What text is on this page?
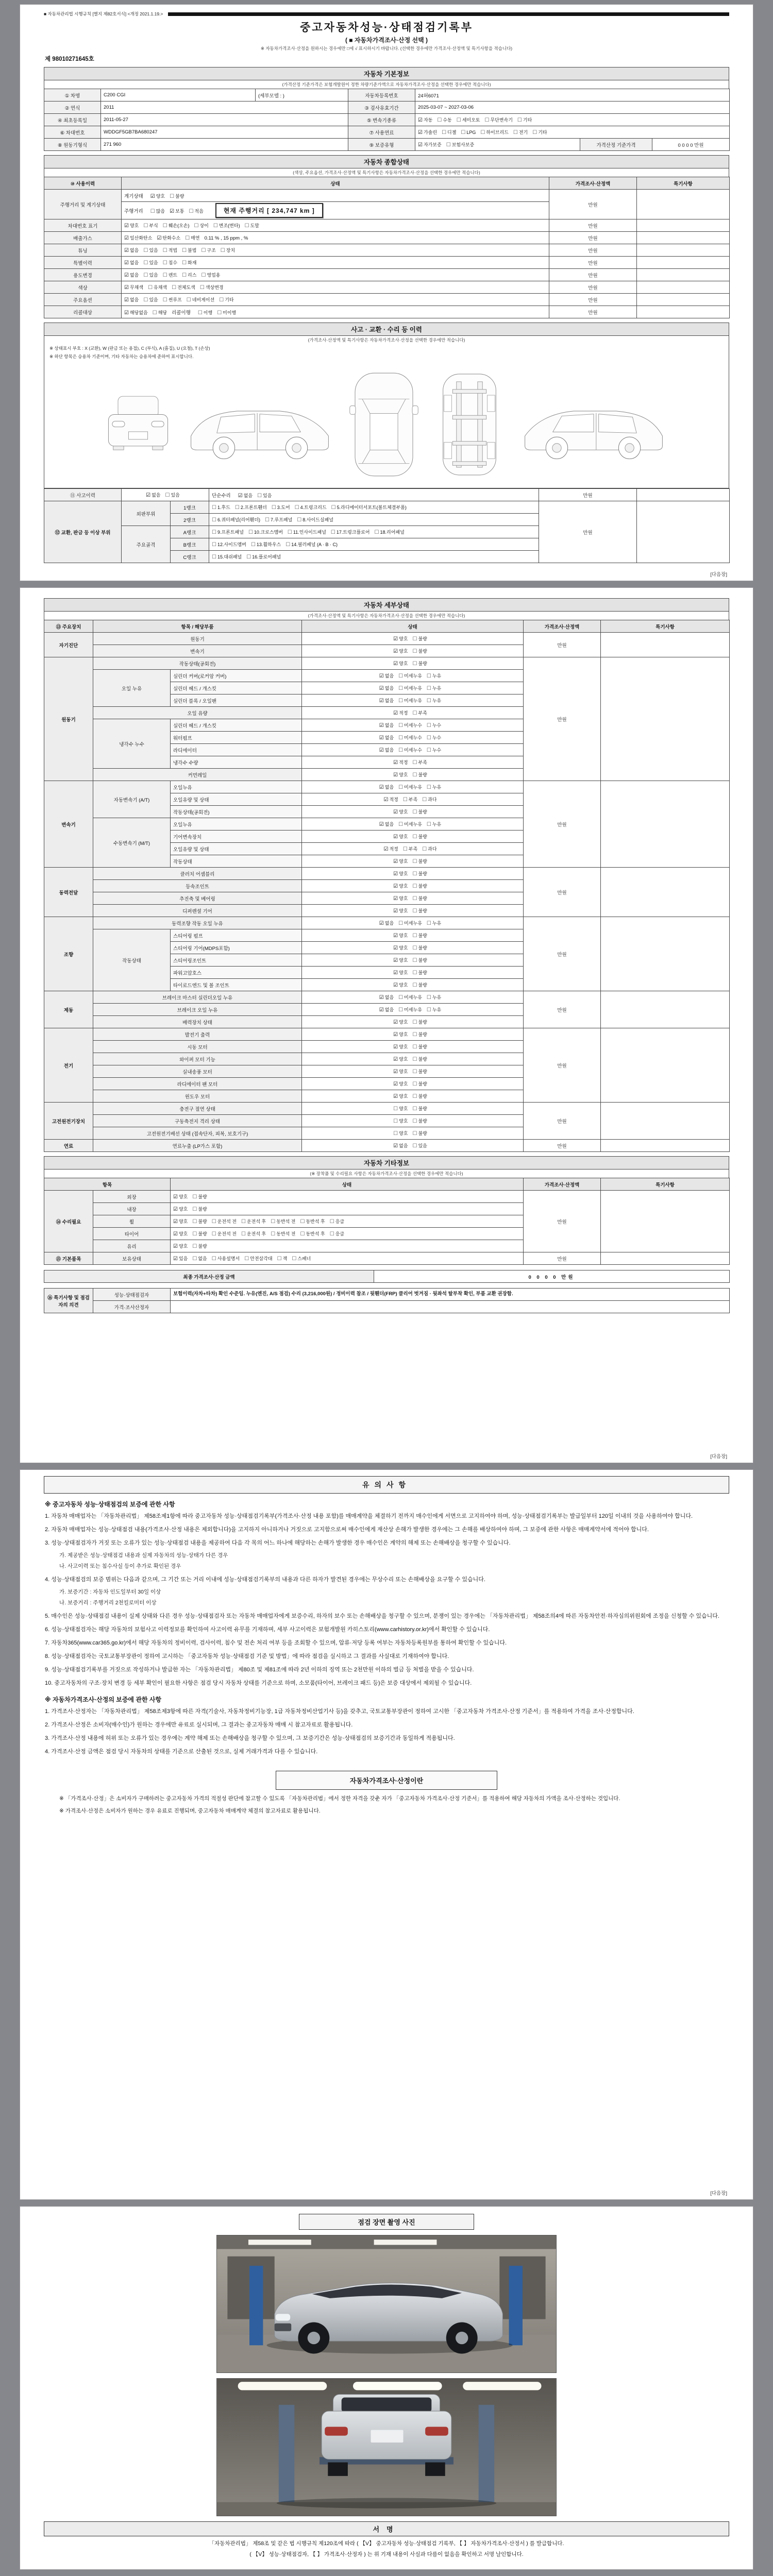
■ 자동차관리법 시행규칙 [별지 제82호서식] <개정 2021.1.19.>
중고자동차성능·상태점검기록부
( ■ 자동차가격조사·산정 선택 )
※ 자동차가격조사·산정을 원하시는 경우에만 □에 √ 표시하시기 바랍니다. (선택한 경우에만 가격조사·산정액 및 특기사항을 적습니다)
제 98010271645호
자동차 기본정보
(가격산정 기준가격은 보험개발원이 정한 차량기준가액으로 자동차가격조사·산정을 선택한 경우에만 적습니다)
① 차명	C200 CGI	(세부모델 : )	자동차등록번호	24허6071		
② 연식	2011		③ 검사유효기간	2025-03-07 ~ 2027-03-06		
④ 최초등록일	2011-05-27		⑤ 변속기종류	☑ 자동 ☐ 수동 ☐ 세미오토 ☐ 무단변속기 ☐ 기타		
⑥ 차대번호	WDDGF5GB7BA680247		⑦ 사용연료	☑ 가솔린 ☐ 디젤 ☐ LPG ☐ 하이브리드 ☐ 전기 ☐ 기타		
⑧ 원동기형식	271 960		⑨ 보증유형	☑ 자가보증 ☐ 보험사보증	가격산정 기준가격	0 0 0 0 만원
자동차 종합상태
(색상, 주요옵션, 가격조사·산정액 및 특기사항은 자동차가격조사·산정을 선택한 경우에만 적습니다)
⑩ 사용이력	상태	가격조사·산정액	특기사항
주행거리 및 계기상태	계기상태 ☑ 양호 ☐ 불량	만원	
	주행거리 ☐ 많음 ☑ 보통 ☐ 적음 현재 주행거리 [ 234,747 km ]		
차대번호 표기	☑ 양호 ☐ 부식 ☐ 훼손(오손) ☐ 상이 ☐ 변조(변타) ☐ 도말	만원	
배출가스	☑ 일산화탄소 ☑ 탄화수소 ☐ 매연 0.11 % , 15 ppm , %	만원	
튜닝	☑ 없음 ☐ 있음 ☐ 적법 ☐ 불법 ☐ 구조 ☐ 장치	만원	
특별이력	☑ 없음 ☐ 있음 ☐ 침수 ☐ 화재	만원	
용도변경	☑ 없음 ☐ 있음 ☐ 렌트 ☐ 리스 ☐ 영업용	만원	
색상	☑ 무채색 ☐ 유채색 ☐ 전체도색 ☐ 색상변경	만원	
주요옵션	☑ 없음 ☐ 있음 ☐ 썬루프 ☐ 네비게이션 ☐ 기타	만원	
리콜대상	☑ 해당없음 ☐ 해당 리콜이행 ☐ 이행 ☐ 미이행	만원	
사고 · 교환 · 수리 등 이력
(가격조사·산정액 및 특기사항은 자동차가격조사·산정을 선택한 경우에만 적습니다)
※ 상태표시 부호 : X (교환), W (판금 또는 용접), C (부식), A (흠집), U (요철), T (손상)
※ 하단 항목은 승용차 기준이며, 기타 자동차는 승용차에 준하여 표시합니다.
⑪ 사고이력	☑ 없음 ☐ 있음		단순수리 ☑ 없음 ☐ 있음	만원	
⑫ 교환, 판금 등 이상 부위	외판부위	1랭크	☐ 1.후드 ☐ 2.프론트휀더 ☐ 3.도어 ☐ 4.트렁크리드 ☐ 5.라디에이터서포트(볼트체결부품)	만원	
		2랭크	☐ 6.쿼터패널(리어휀더) ☐ 7.루프패널 ☐ 8.사이드실패널		
	주요골격	A랭크	☐ 9.프론트패널 ☐ 10.크로스멤버 ☐ 11.인사이드패널 ☐ 17.트렁크플로어 ☐ 18.리어패널		
		B랭크	☐ 12.사이드멤버 ☐ 13.휠하우스 ☐ 14.필러패널 (A · B · C)		
		C랭크	☐ 15.대쉬패널 ☐ 16.플로어패널		
[다음장]
자동차 세부상태
(가격조사·산정액 및 특기사항은 자동차가격조사·산정을 선택한 경우에만 적습니다)
⑬ 주요장치	항목 / 해당부품		상태	가격조사·산정액	특기사항
자기진단	원동기		☑ 양호 ☐ 불량	만원	
	변속기		☑ 양호 ☐ 불량		
원동기	작동상태(공회전)		☑ 양호 ☐ 불량	만원	
	오일 누유	실린더 커버(로커암 커버)	☑ 없음 ☐ 미세누유 ☐ 누유		
		실린더 헤드 / 개스킷	☑ 없음 ☐ 미세누유 ☐ 누유		
		실린더 블록 / 오일팬	☑ 없음 ☐ 미세누유 ☐ 누유		
	오일 유량		☑ 적정 ☐ 부족		
	냉각수 누수	실린더 헤드 / 개스킷	☑ 없음 ☐ 미세누수 ☐ 누수		
		워터펌프	☑ 없음 ☐ 미세누수 ☐ 누수		
		라디에이터	☑ 없음 ☐ 미세누수 ☐ 누수		
		냉각수 수량	☑ 적정 ☐ 부족		
	커먼레일		☑ 양호 ☐ 불량		
변속기	자동변속기 (A/T)	오일누유	☑ 없음 ☐ 미세누유 ☐ 누유	만원	
		오일유량 및 상태	☑ 적정 ☐ 부족 ☐ 과다		
		작동상태(공회전)	☑ 양호 ☐ 불량		
	수동변속기 (M/T)	오일누유	☑ 없음 ☐ 미세누유 ☐ 누유		
		기어변속장치	☑ 양호 ☐ 불량		
		오일유량 및 상태	☑ 적정 ☐ 부족 ☐ 과다		
		작동상태	☑ 양호 ☐ 불량		
동력전달	클러치 어셈블리		☑ 양호 ☐ 불량	만원	
	등속조인트		☑ 양호 ☐ 불량		
	추진축 및 베어링		☑ 양호 ☐ 불량		
	디퍼렌셜 기어		☑ 양호 ☐ 불량		
조향	동력조향 작동 오일 누유		☑ 없음 ☐ 미세누유 ☐ 누유	만원	
	작동상태	스티어링 펌프	☑ 양호 ☐ 불량		
		스티어링 기어(MDPS포함)	☑ 양호 ☐ 불량		
		스티어링조인트	☑ 양호 ☐ 불량		
		파워고압호스	☑ 양호 ☐ 불량		
		타이로드엔드 및 볼 조인트	☑ 양호 ☐ 불량		
제동	브레이크 마스터 실린더오일 누유		☑ 없음 ☐ 미세누유 ☐ 누유	만원	
	브레이크 오일 누유		☑ 없음 ☐ 미세누유 ☐ 누유		
	배력장치 상태		☑ 양호 ☐ 불량		
전기	발전기 출력		☑ 양호 ☐ 불량	만원	
	시동 모터		☑ 양호 ☐ 불량		
	와이퍼 모터 기능		☑ 양호 ☐ 불량		
	실내송풍 모터		☑ 양호 ☐ 불량		
	라디에이터 팬 모터		☑ 양호 ☐ 불량		
	윈도우 모터		☑ 양호 ☐ 불량		
고전원전기장치	충전구 절연 상태		☐ 양호 ☐ 불량	만원	
	구동축전지 격리 상태		☐ 양호 ☐ 불량		
	고전원전기배선 상태 (접속단자, 피복, 보호기구)		☐ 양호 ☐ 불량		
연료	연료누출 (LP가스 포함)		☑ 없음 ☐ 있음	만원	
자동차 기타정보
(※ 장착품 및 수리필요 사항은 자동차가격조사·산정을 선택한 경우에만 적습니다)
항목		상태	가격조사·산정액	특기사항
⑭ 수리필요	외장	☑ 양호 ☐ 불량	만원	
	내장	☑ 양호 ☐ 불량		
	휠	☑ 양호 ☐ 불량 ☐ 운전석 전 ☐ 운전석 후 ☐ 동반석 전 ☐ 동반석 후 ☐ 응급		
	타이어	☑ 양호 ☐ 불량 ☐ 운전석 전 ☐ 운전석 후 ☐ 동반석 전 ☐ 동반석 후 ☐ 응급		
	유리	☑ 양호 ☐ 불량		
⑮ 기본품목	보유상태	☑ 있음 ☐ 없음 ☐ 사용설명서 ☐ 안전삼각대 ☐ 잭 ☐ 스패너	만원	
최종 가격조사·산정 금액	0 0 0 0 만원
⑯ 특기사항 및 점검자의 의견	성능·상태점검자	보험이력(자차+타차) 확인 수준임. 누유(엔진, A/S 점검) 수리 (3,216,000원) / 정비이력 참조 / 뒷휀더(FRP) 클리어 벗겨짐 · 뒷좌석 탈부착 확인, 부품 교환 권장함.
	가격·조사산정자	
[다음장]
유의사항
※ 중고자동차 성능·상태점검의 보증에 관한 사항
1. 자동차 매매업자는 「자동차관리법」 제58조제1항에 따라 중고자동차 성능·상태점검기록부(가격조사·산정 내용 포함)를 매매계약을 체결하기 전까지 매수인에게 서면으로 고지하여야 하며, 성능·상태점검기록부는 발급일부터 120일 이내의 것을 사용하여야 합니다.
2. 자동차 매매업자는 성능·상태점검 내용(가격조사·산정 내용은 제외합니다)을 고지하지 아니하거나 거짓으로 고지함으로써 매수인에게 재산상 손해가 발생한 경우에는 그 손해를 배상하여야 하며, 그 보증에 관한 사항은 매매계약서에 적어야 합니다.
3. 성능·상태점검자가 거짓 또는 오류가 있는 성능·상태점검 내용을 제공하여 다음 각 목의 어느 하나에 해당하는 손해가 발생한 경우 매수인은 계약의 해제 또는 손해배상을 청구할 수 있습니다.
가. 제공받은 성능·상태점검 내용과 실제 자동차의 성능·상태가 다른 경우
나. 사고이력 또는 침수사실 등이 추가로 확인된 경우
4. 성능·상태점검의 보증 범위는 다음과 같으며, 그 기간 또는 거리 이내에 성능·상태점검기록부의 내용과 다른 하자가 발견된 경우에는 무상수리 또는 손해배상을 요구할 수 있습니다.
가. 보증기간 : 자동차 인도일부터 30일 이상
나. 보증거리 : 주행거리 2천킬로미터 이상
5. 매수인은 성능·상태점검 내용이 실제 상태와 다른 경우 성능·상태점검자 또는 자동차 매매업자에게 보증수리, 하자의 보수 또는 손해배상을 청구할 수 있으며, 분쟁이 있는 경우에는 「자동차관리법」 제58조의4에 따른 자동차안전·하자심의위원회에 조정을 신청할 수 있습니다.
6. 성능·상태점검자는 해당 자동차의 보험사고 이력정보를 확인하여 사고이력 유무를 기재하며, 세부 사고이력은 보험개발원 카히스토리(www.carhistory.or.kr)에서 확인할 수 있습니다.
7. 자동차365(www.car365.go.kr)에서 해당 자동차의 정비이력, 검사이력, 침수 및 전손 처리 여부 등을 조회할 수 있으며, 압류·저당 등록 여부는 자동차등록원부를 통하여 확인할 수 있습니다.
8. 성능·상태점검자는 국토교통부장관이 정하여 고시하는 「중고자동차 성능·상태점검 기준 및 방법」에 따라 점검을 실시하고 그 결과를 사실대로 기재하여야 합니다.
9. 성능·상태점검기록부를 거짓으로 작성하거나 발급한 자는 「자동차관리법」 제80조 및 제81조에 따라 2년 이하의 징역 또는 2천만원 이하의 벌금 등 처벌을 받을 수 있습니다.
10. 중고자동차의 구조·장치 변경 등 세부 확인이 필요한 사항은 점검 당시 자동차 상태를 기준으로 하며, 소모품(타이어, 브레이크 패드 등)은 보증 대상에서 제외될 수 있습니다.
※ 자동차가격조사·산정의 보증에 관한 사항
1. 가격조사·산정자는 「자동차관리법」 제58조제3항에 따른 자격(기술사, 자동차정비기능장, 1급 자동차정비산업기사 등)을 갖추고, 국토교통부장관이 정하여 고시한 「중고자동차 가격조사·산정 기준서」를 적용하여 가격을 조사·산정합니다.
2. 가격조사·산정은 소비자(매수인)가 원하는 경우에만 유료로 실시되며, 그 결과는 중고자동차 매매 시 참고자료로 활용됩니다.
3. 가격조사·산정 내용에 허위 또는 오류가 있는 경우에는 계약 해제 또는 손해배상을 청구할 수 있으며, 그 보증기간은 성능·상태점검의 보증기간과 동일하게 적용됩니다.
4. 가격조사·산정 금액은 점검 당시 자동차의 상태를 기준으로 산출된 것으로, 실제 거래가격과 다를 수 있습니다.
자동차가격조사·산정이란
※ 「가격조사·산정」은 소비자가 구매하려는 중고자동차 가격의 적절성 판단에 참고할 수 있도록 「자동차관리법」에서 정한 자격을 갖춘 자가 「중고자동차 가격조사·산정 기준서」를 적용하여 해당 자동차의 가액을 조사·산정하는 것입니다.
※ 가격조사·산정은 소비자가 원하는 경우 유료로 진행되며, 중고자동차 매매계약 체결의 참고자료로 활용됩니다.
[다음장]
점검 장면 촬영 사진
서명
「자동차관리법」 제58조 및 같은 법 시행규칙 제120조에 따라 ( 【V】 중고자동차 성능·상태점검 기록부, 【 】 자동차가격조사·산정서 ) 를 발급합니다.
( 【V】 성능·상태점검자, 【 】 가격조사·산정자 ) 는 위 기재 내용이 사실과 다름이 없음을 확인하고 서명 날인합니다.
